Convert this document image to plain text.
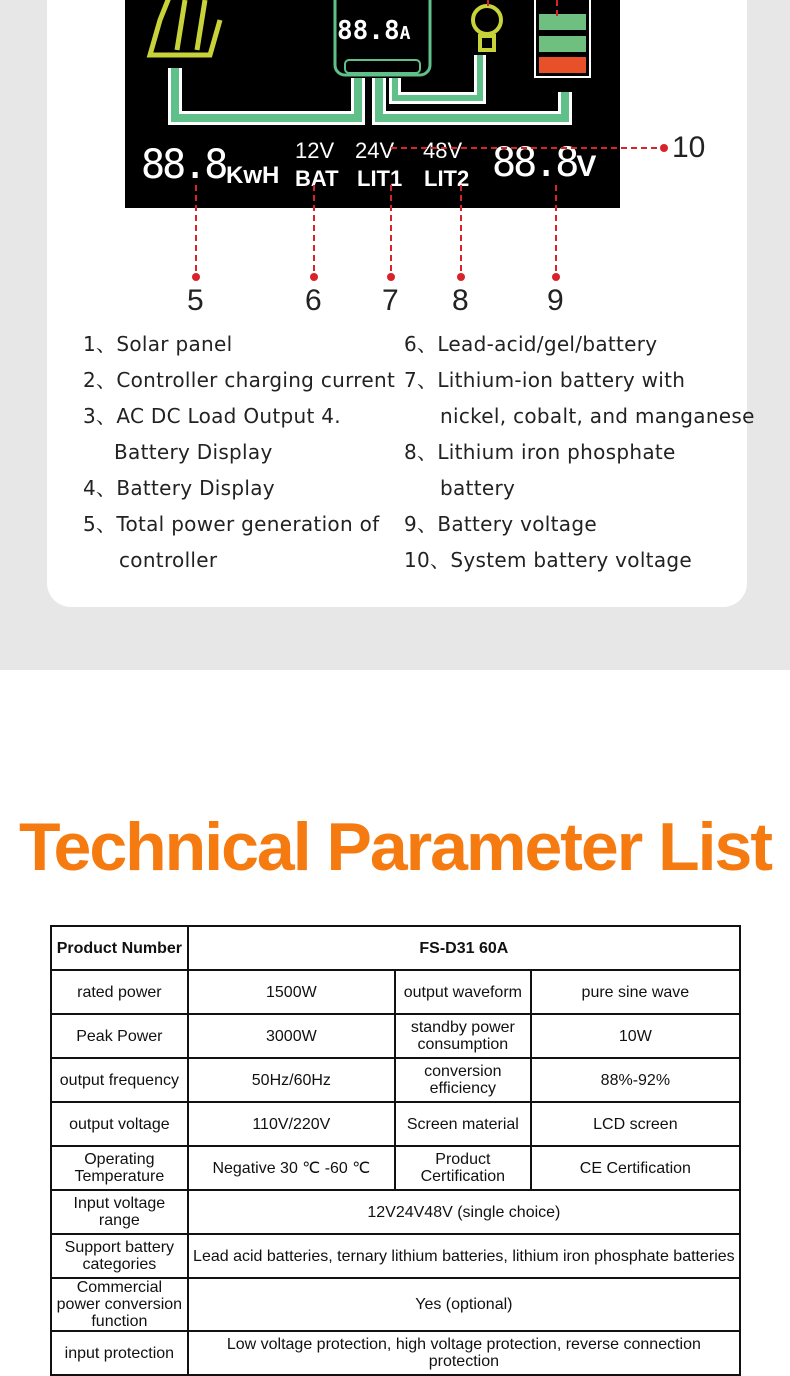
88.8A
88.8 KwH
12V
BAT
24V
LIT1
48V
LIT2 88.8V
5	6 7 8	9
10
1、Solar panel
2、Controller charging current
3、AC DC Load Output 4.
Battery Display
4、Battery Display
5、Total power generation of
controller
6、Lead-acid/gel/battery
7、Lithium-ion battery with
nickel, cobalt, and manganese
8、Lithium iron phosphate
battery
9、Battery voltage
10、System battery voltage
Technical Parameter List
Product Number	FS-D31 60A		
rated power	1500W	output waveform	pure sine wave
Peak Power	3000W	standby power consumption	10W
output frequency	50Hz/60Hz	conversion efficiency	88%-92%
output voltage	110V/220V	Screen material	LCD screen
Operating Temperature	Negative 30 ℃ -60 ℃	Product Certification	CE Certification
Input voltage range	12V24V48V (single choice)		
Support battery categories	Lead acid batteries, ternary lithium batteries, lithium iron phosphate batteries		
Commercial power conversion function	Yes (optional)		
input protection	Low voltage protection, high voltage protection, reverse connection protection		
